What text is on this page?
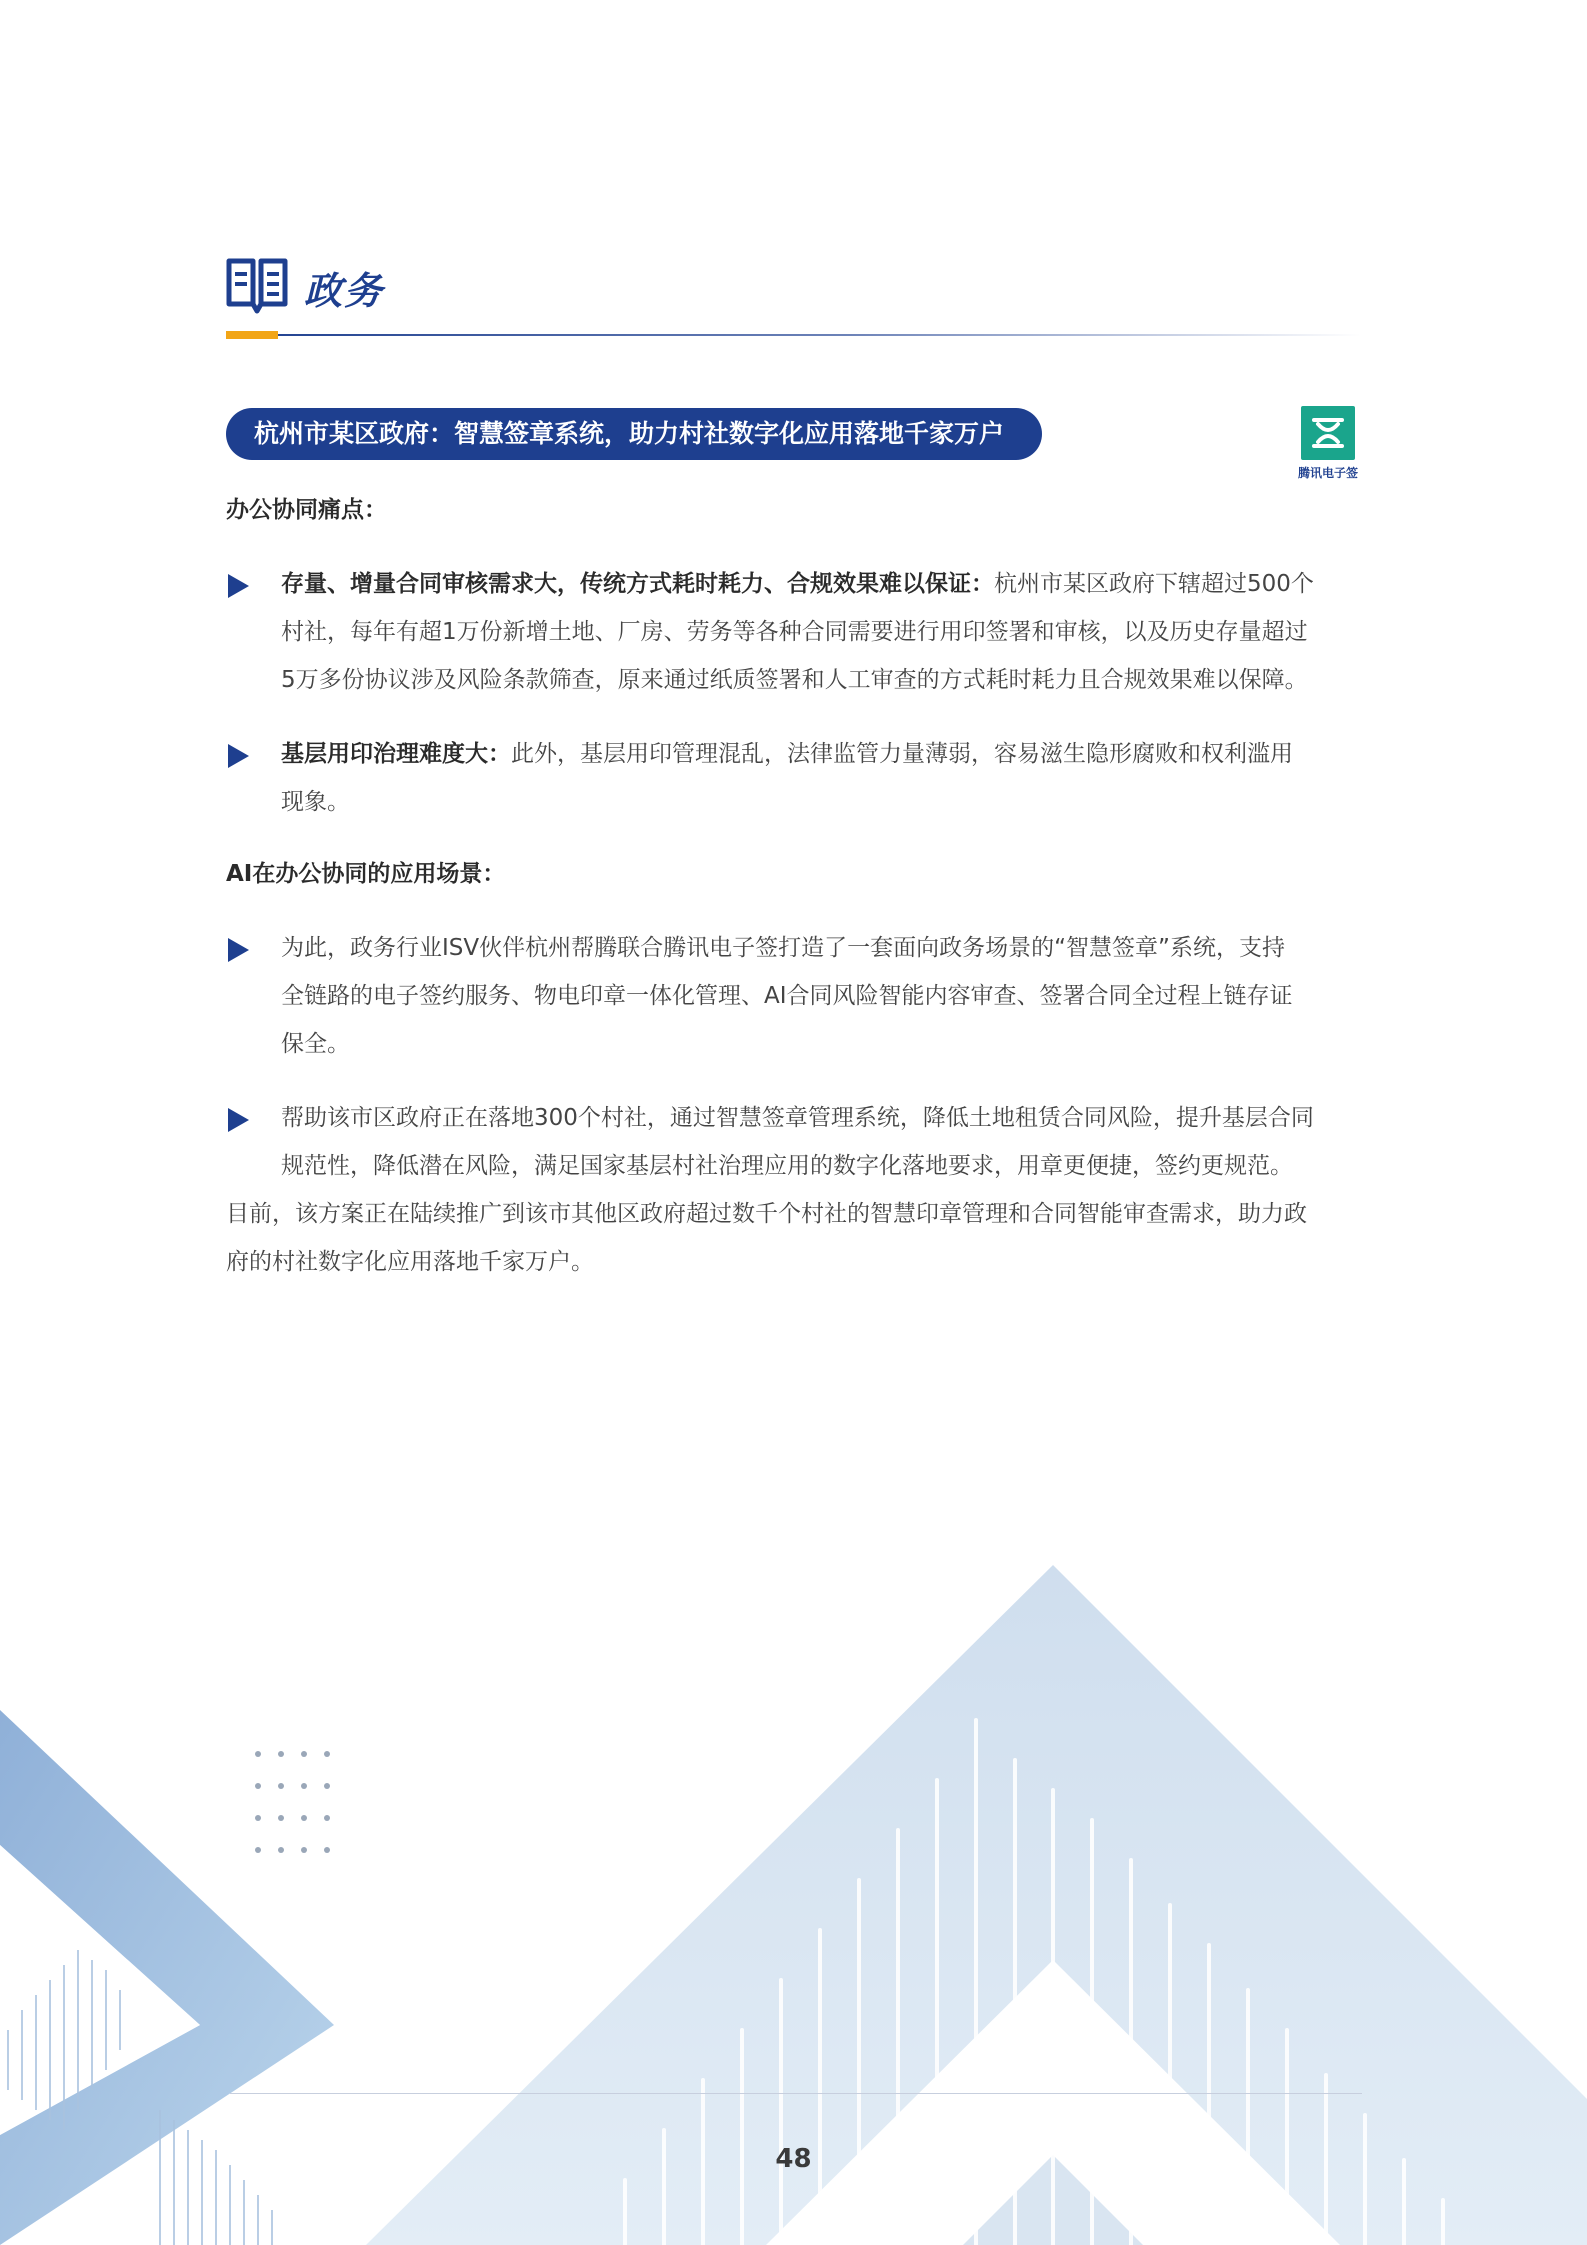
政务
杭州市某区政府：智慧签章系统，助力村社数字化应用落地千家万户
腾讯电子签

办公协同痛点：

存量、增量合同审核需求大，传统方式耗时耗力、合规效果难以保证：杭州市某区政府下辖超过500个
村社，每年有超1万份新增土地、厂房、劳务等各种合同需要进行用印签署和审核，以及历史存量超过
5万多份协议涉及风险条款筛查，原来通过纸质签署和人工审查的方式耗时耗力且合规效果难以保障。
基层用印治理难度大：此外，基层用印管理混乱，法律监管力量薄弱，容易滋生隐形腐败和权利滥用
现象。

AI在办公协同的应用场景：

为此，政务行业ISV伙伴杭州帮腾联合腾讯电子签打造了一套面向政务场景的“智慧签章”系统，支持
全链路的电子签约服务、物电印章一体化管理、AI合同风险智能内容审查、签署合同全过程上链存证
保全。
帮助该市区政府正在落地300个村社，通过智慧签章管理系统，降低土地租赁合同风险，提升基层合同
规范性，降低潜在风险，满足国家基层村社治理应用的数字化落地要求，用章更便捷，签约更规范。

目前，该方案正在陆续推广到该市其他区政府超过数千个村社的智慧印章管理和合同智能审查需求，助力政
府的村社数字化应用落地千家万户。

48
